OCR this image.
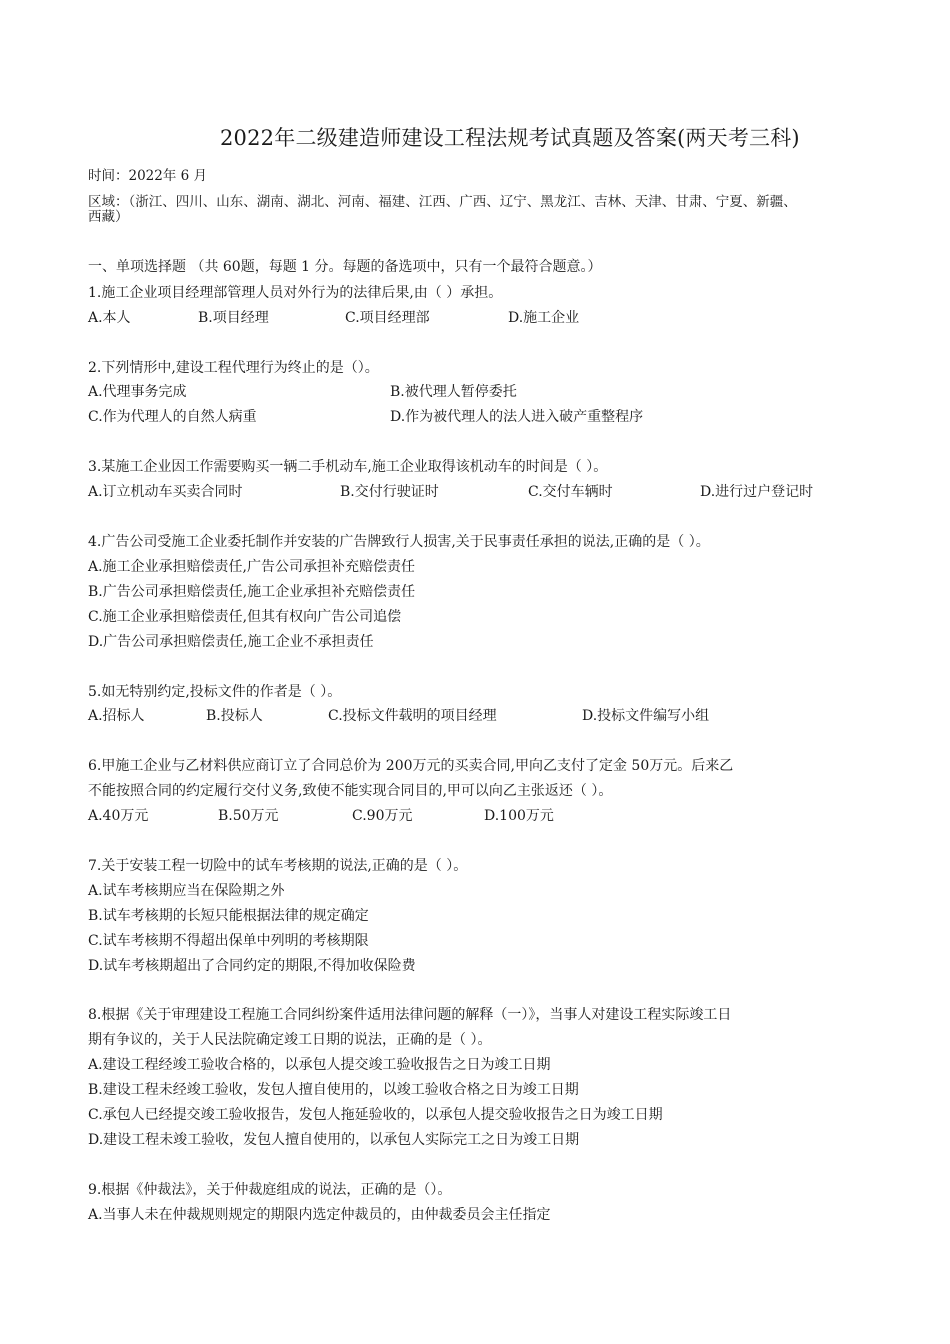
2022年二级建造师建设工程法规考试真题及答案(两天考三科)
时间：2022年 6 月
区域：（浙江、四川、山东、湖南、湖北、河南、福建、江西、广西、辽宁、黑龙江、吉林、天津、甘肃、宁夏、新疆、
西藏）
一、单项选择题 （共 60题，每题 1 分。每题的备选项中，只有一个最符合题意。）
1.施工企业项目经理部管理人员对外行为的法律后果,由（ ）承担。
A.本人	B.项目经理	C.项目经理部	D.施工企业
2.下列情形中,建设工程代理行为终止的是（）。
A.代理事务完成	B.被代理人暂停委托
C.作为代理人的自然人病重	D.作为被代理人的法人进入破产重整程序
3.某施工企业因工作需要购买一辆二手机动车,施工企业取得该机动车的时间是（ ）。
A.订立机动车买卖合同时	B.交付行驶证时	C.交付车辆时	D.进行过户登记时
4.广告公司受施工企业委托制作并安装的广告牌致行人损害,关于民事责任承担的说法,正确的是（ ）。
A.施工企业承担赔偿责任,广告公司承担补充赔偿责任
B.广告公司承担赔偿责任,施工企业承担补充赔偿责任
C.施工企业承担赔偿责任,但其有权向广告公司追偿
D.广告公司承担赔偿责任,施工企业不承担责任
5.如无特别约定,投标文件的作者是（ ）。
A.招标人	B.投标人	C.投标文件载明的项目经理	D.投标文件编写小组
6.甲施工企业与乙材料供应商订立了合同总价为 200万元的买卖合同,甲向乙支付了定金 50万元。后来乙
不能按照合同的约定履行交付义务,致使不能实现合同目的,甲可以向乙主张返还（ ）。
A.40万元	B.50万元	C.90万元	D.100万元
7.关于安装工程一切险中的试车考核期的说法,正确的是（ ）。
A.试车考核期应当在保险期之外
B.试车考核期的长短只能根据法律的规定确定
C.试车考核期不得超出保单中列明的考核期限
D.试车考核期超出了合同约定的期限,不得加收保险费
8.根据《关于审理建设工程施工合同纠纷案件适用法律问题的解释（一）》，当事人对建设工程实际竣工日
期有争议的，关于人民法院确定竣工日期的说法，正确的是（ ）。
A.建设工程经竣工验收合格的，以承包人提交竣工验收报告之日为竣工日期
B.建设工程未经竣工验收，发包人擅自使用的，以竣工验收合格之日为竣工日期
C.承包人已经提交竣工验收报告，发包人拖延验收的，以承包人提交验收报告之日为竣工日期
D.建设工程未竣工验收，发包人擅自使用的，以承包人实际完工之日为竣工日期
9.根据《仲裁法》，关于仲裁庭组成的说法，正确的是（）。
A.当事人未在仲裁规则规定的期限内选定仲裁员的，由仲裁委员会主任指定
